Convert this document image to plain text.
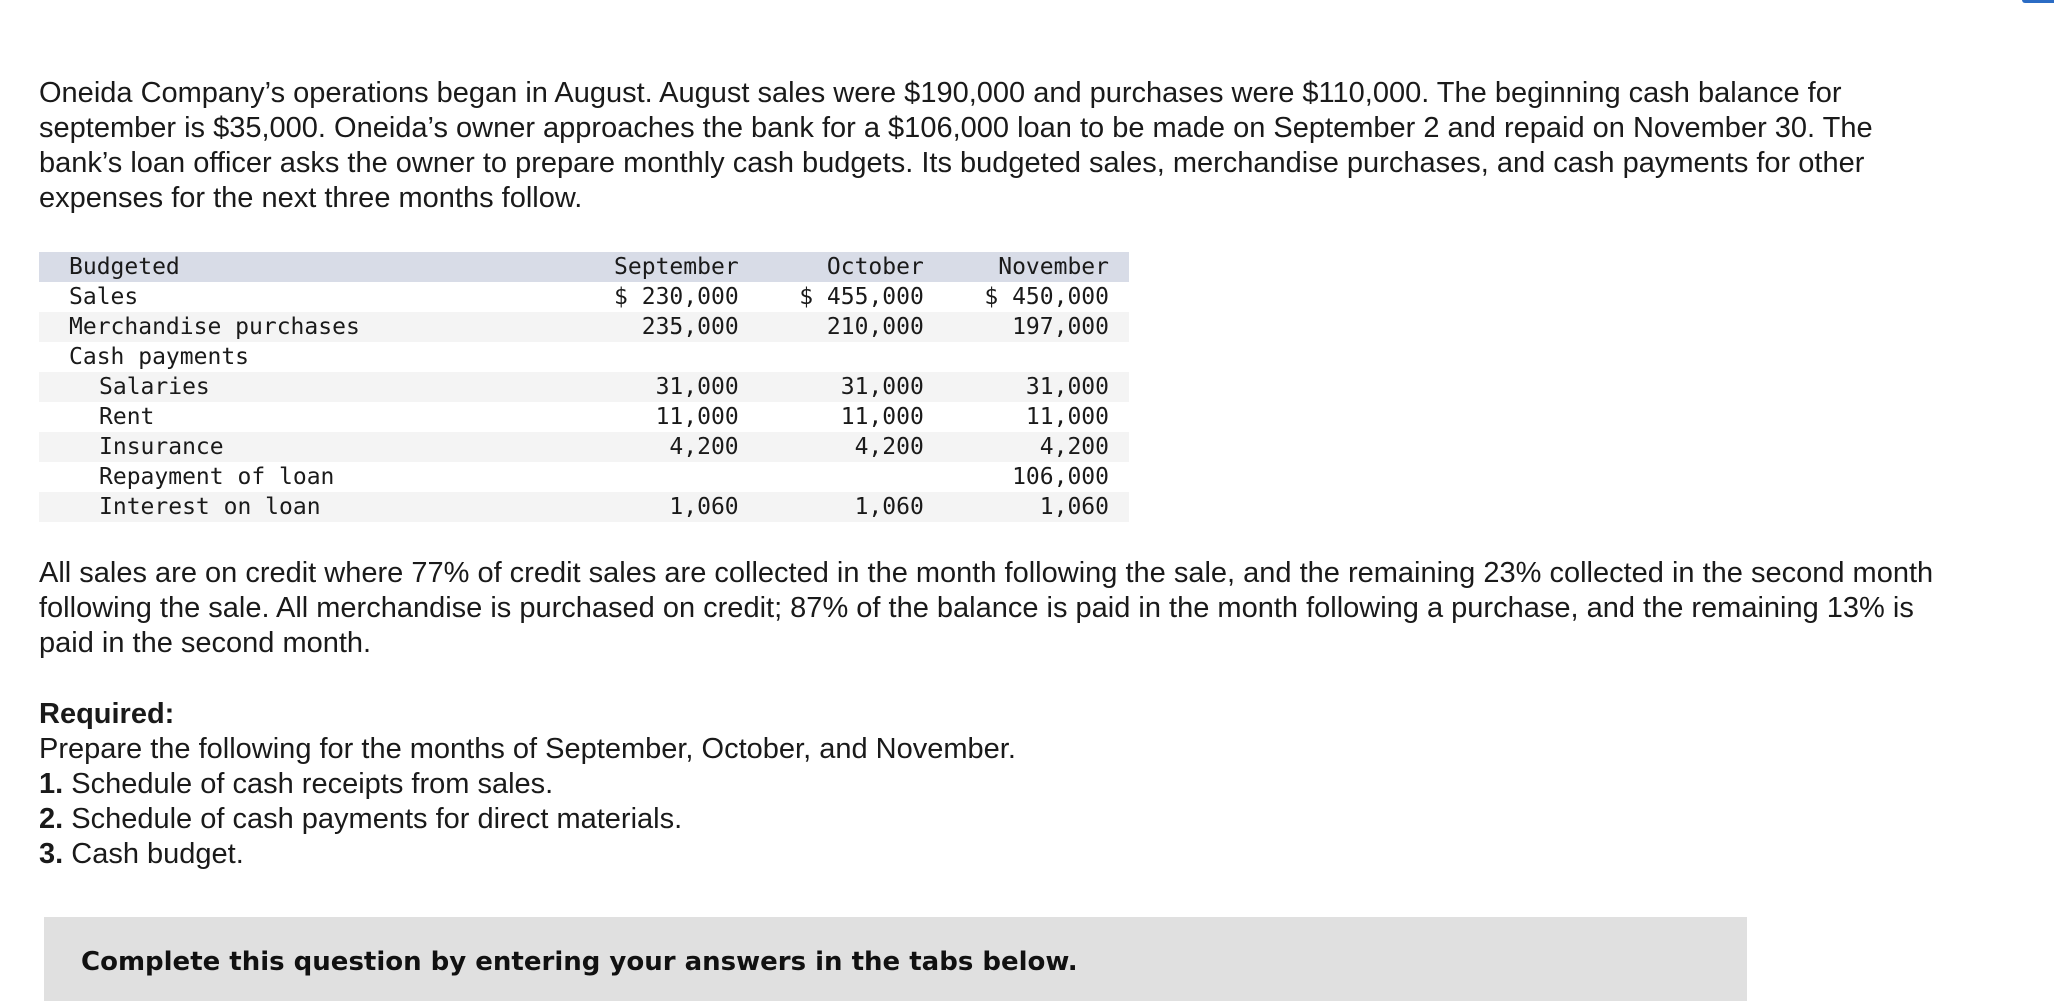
Oneida Company’s operations began in August. August sales were $190,000 and purchases were $110,000. The beginning cash balance for september is $35,000. Oneida’s owner approaches the bank for a $106,000 loan to be made on September 2 and repaid on November 30. The bank’s loan officer asks the owner to prepare monthly cash budgets. Its budgeted sales, merchandise purchases, and cash payments for other expenses for the next three months follow.

Budgeted	September	October	November
Sales	$ 230,000	$ 455,000	$ 450,000
Merchandise purchases	235,000	210,000	197,000
Cash payments			
Salaries	31,000	31,000	31,000
Rent	11,000	11,000	11,000
Insurance	4,200	4,200	4,200
Repayment of loan			106,000
Interest on loan	1,060	1,060	1,060

All sales are on credit where 77% of credit sales are collected in the month following the sale, and the remaining 23% collected in the second month following the sale. All merchandise is purchased on credit; 87% of the balance is paid in the month following a purchase, and the remaining 13% is paid in the second month.

Required:
Prepare the following for the months of September, October, and November.
1. Schedule of cash receipts from sales.
2. Schedule of cash payments for direct materials.
3. Cash budget.
Complete this question by entering your answers in the tabs below.
